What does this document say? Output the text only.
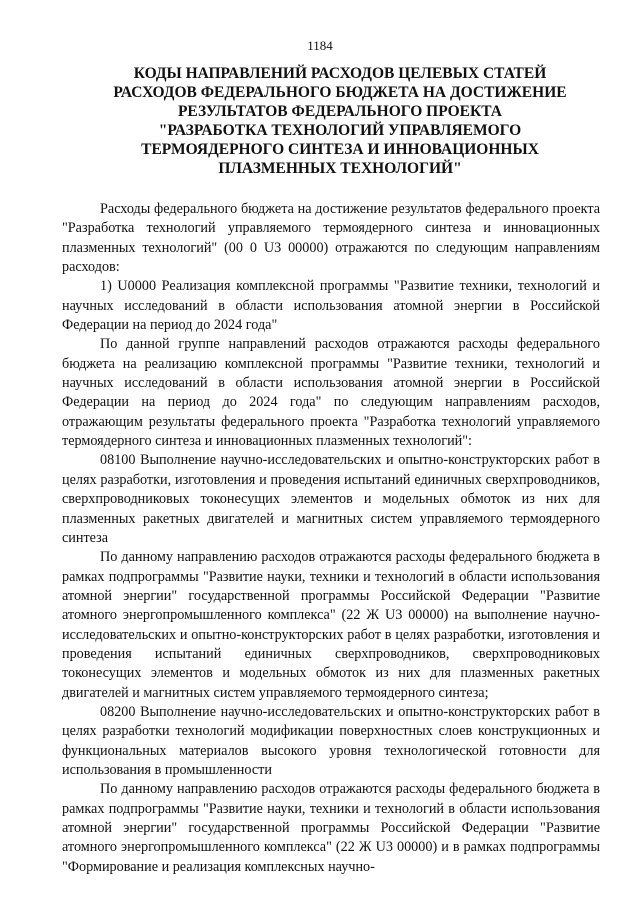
1184
КОДЫ НАПРАВЛЕНИЙ РАСХОДОВ ЦЕЛЕВЫХ СТАТЕЙ
РАСХОДОВ ФЕДЕРАЛЬНОГО БЮДЖЕТА НА ДОСТИЖЕНИЕ
РЕЗУЛЬТАТОВ ФЕДЕРАЛЬНОГО ПРОЕКТА
"РАЗРАБОТКА ТЕХНОЛОГИЙ УПРАВЛЯЕМОГО
ТЕРМОЯДЕРНОГО СИНТЕЗА И ИННОВАЦИОННЫХ
ПЛАЗМЕННЫХ ТЕХНОЛОГИЙ"

Расходы федерального бюджета на достижение результатов федерального проекта "Разработка технологий управляемого термоядерного синтеза и инновационных плазменных технологий" (00 0 U3 00000) отражаются по следующим направлениям расходов:

1) U0000 Реализация комплексной программы "Развитие техники, технологий и научных исследований в области использования атомной энергии в Российской Федерации на период до 2024 года"

По данной группе направлений расходов отражаются расходы федерального бюджета на реализацию комплексной программы "Развитие техники, технологий и научных исследований в области использования атомной энергии в Российской Федерации на период до 2024 года" по следующим направлениям расходов, отражающим результаты федерального проекта "Разработка технологий управляемого термоядерного синтеза и инновационных плазменных технологий":

08100 Выполнение научно-исследовательских и опытно-конструкторских работ в целях разработки, изготовления и проведения испытаний единичных сверхпроводников, сверхпроводниковых токонесущих элементов и модельных обмоток из них для плазменных ракетных двигателей и магнитных систем управляемого термоядерного синтеза

По данному направлению расходов отражаются расходы федерального бюджета в рамках подпрограммы "Развитие науки, техники и технологий в области использования атомной энергии" государственной программы Российской Федерации "Развитие атомного энергопромышленного комплекса" (22 Ж U3 00000) на выполнение научно-исследовательских и опытно-конструкторских работ в целях разработки, изготовления и проведения испытаний единичных сверхпроводников, сверхпроводниковых токонесущих элементов и модельных обмоток из них для плазменных ракетных двигателей и магнитных систем управляемого термоядерного синтеза;

08200 Выполнение научно-исследовательских и опытно-конструкторских работ в целях разработки технологий модификации поверхностных слоев конструкционных и функциональных материалов высокого уровня технологической готовности для использования в промышленности

По данному направлению расходов отражаются расходы федерального бюджета в рамках подпрограммы "Развитие науки, техники и технологий в области использования атомной энергии" государственной программы Российской Федерации "Развитие атомного энергопромышленного комплекса" (22 Ж U3 00000) и в рамках подпрограммы "Формирование и реализация комплексных научно-
